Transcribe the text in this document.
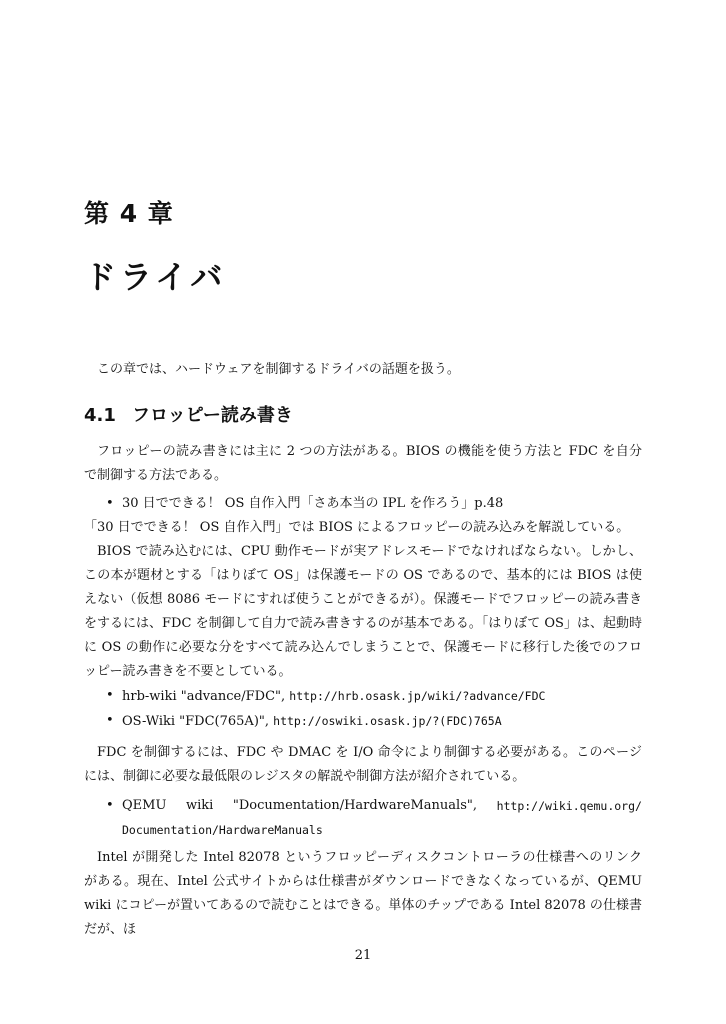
第 4 章
ドライバ

この章では、ハードウェアを制御するドライバの話題を扱う。

4.1 フロッピー読み書き

フロッピーの読み書きには主に 2 つの方法がある。BIOS の機能を使う方法と FDC を自分で制御する方法である。

• 30 日でできる！ OS 自作入門「さあ本当の IPL を作ろう」p.48

「30 日でできる！ OS 自作入門」では BIOS によるフロッピーの読み込みを解説している。

BIOS で読み込むには、CPU 動作モードが実アドレスモードでなければならない。しかし、この本が題材とする「はりぼて OS」は保護モードの OS であるので、基本的には BIOS は使えない（仮想 8086 モードにすれば使うことができるが）。保護モードでフロッピーの読み書きをするには、FDC を制御して自力で読み書きするのが基本である。「はりぼて OS」は、起動時に OS の動作に必要な分をすべて読み込んでしまうことで、保護モードに移行した後でのフロッピー読み書きを不要としている。

• hrb-wiki "advance/FDC", http://hrb.osask.jp/wiki/?advance/FDC
• OS-Wiki "FDC(765A)", http://oswiki.osask.jp/?(FDC)765A

FDC を制御するには、FDC や DMAC を I/O 命令により制御する必要がある。このページには、制御に必要な最低限のレジスタの解説や制御方法が紹介されている。

• QEMU wiki "Documentation/HardwareManuals", http://wiki.qemu.org/
Documentation/HardwareManuals

Intel が開発した Intel 82078 というフロッピーディスクコントローラの仕様書へのリンクがある。現在、Intel 公式サイトからは仕様書がダウンロードできなくなっているが、QEMU wiki にコピーが置いてあるので読むことはできる。単体のチップである Intel 82078 の仕様書だが、ほ

21
